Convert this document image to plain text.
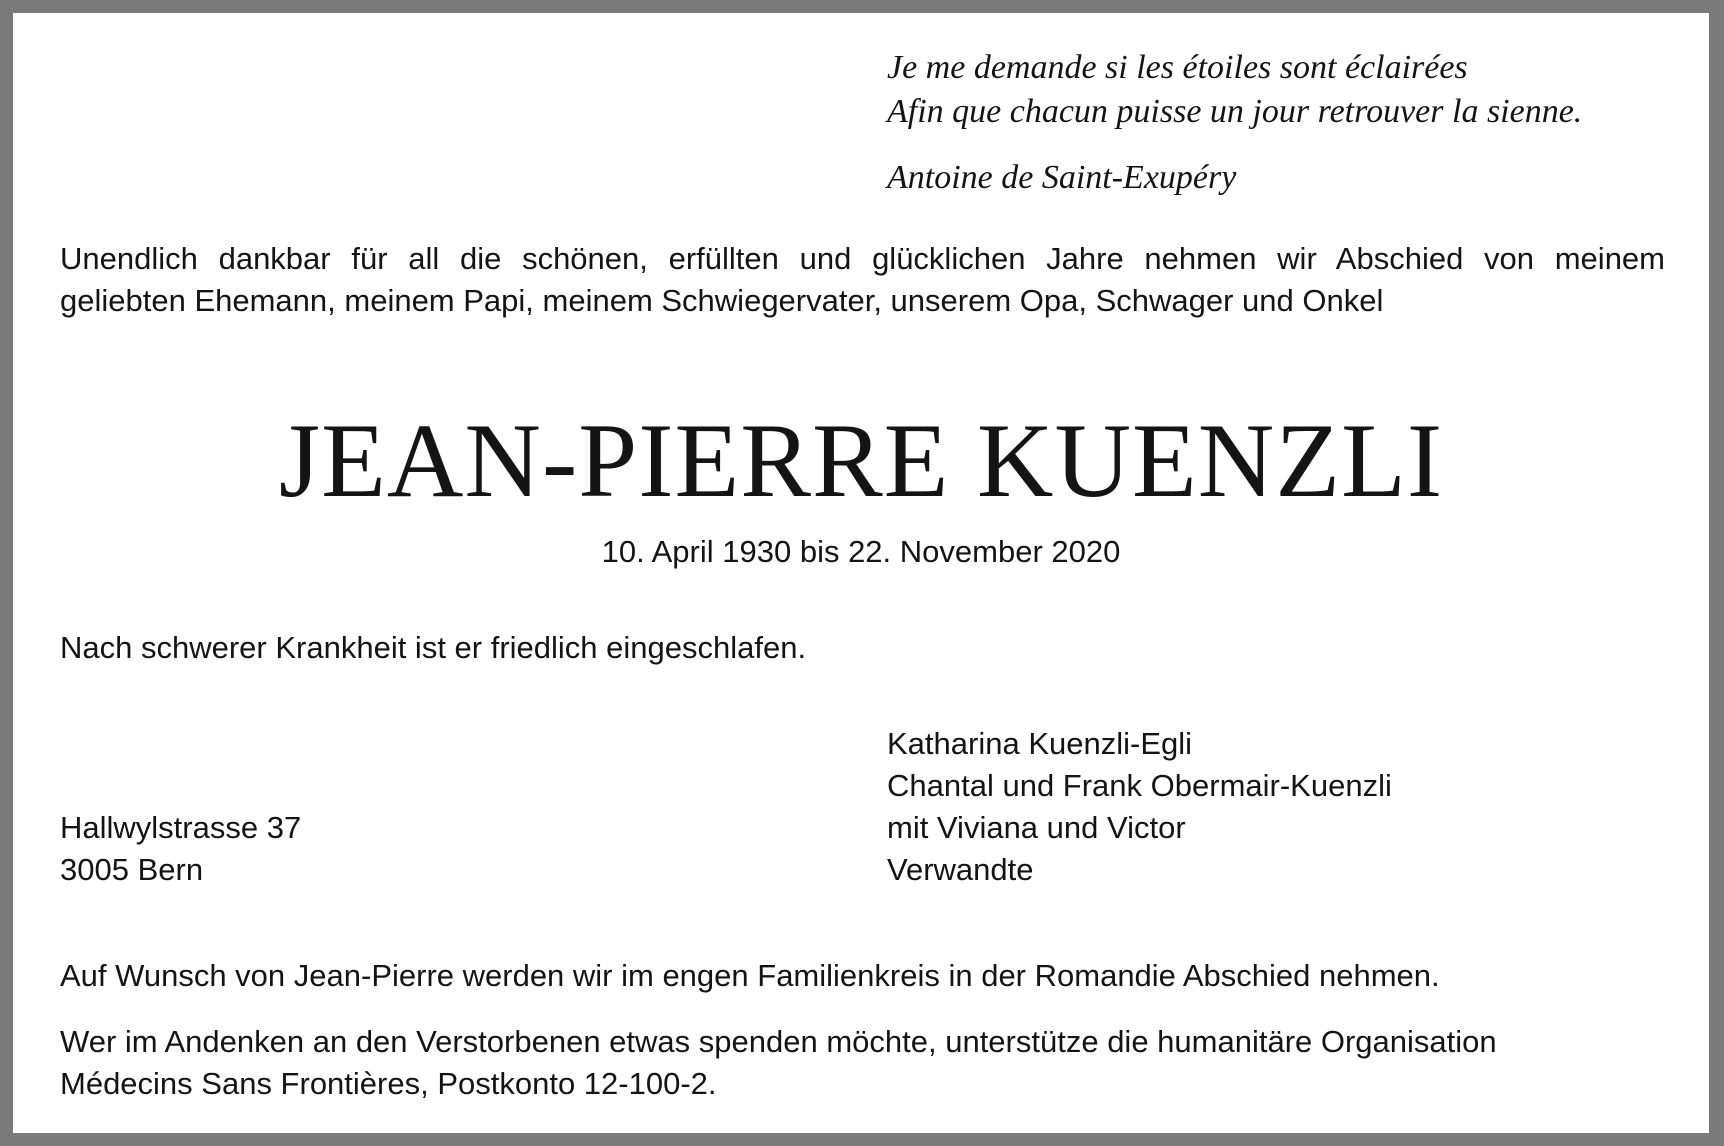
Je me demande si les étoiles sont éclairées
Afin que chacun puisse un jour retrouver la sienne.
Antoine de Saint-Exupéry
Unendlich dankbar für all die schönen, erfüllten und glücklichen Jahre nehmen wir Abschied von meinem
geliebten Ehemann, meinem Papi, meinem Schwiegervater, unserem Opa, Schwager und Onkel
JEAN-PIERRE KUENZLI
10. April 1930 bis 22. November 2020
Nach schwerer Krankheit ist er friedlich eingeschlafen.
Katharina Kuenzli-Egli
Chantal und Frank Obermair-Kuenzli
mit Viviana und Victor
Verwandte
Hallwylstrasse 37
3005 Bern
Auf Wunsch von Jean-Pierre werden wir im engen Familienkreis in der Romandie Abschied nehmen.
Wer im Andenken an den Verstorbenen etwas spenden möchte, unterstütze die humanitäre Organisation
Médecins Sans Frontières, Postkonto 12-100-2.
